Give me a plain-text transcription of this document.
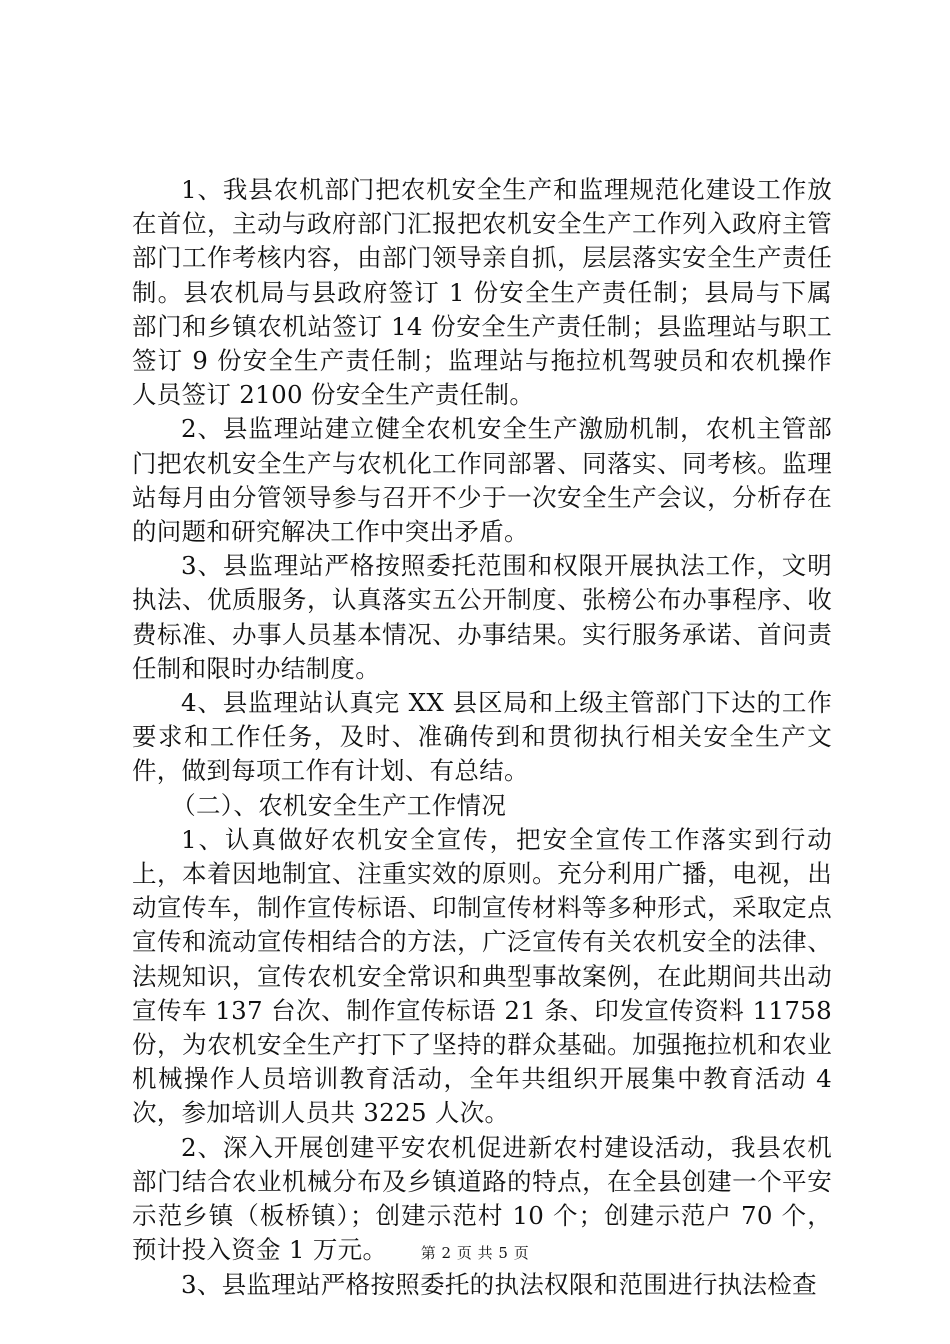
1、我县农机部门把农机安全生产和监理规范化建设工作放在首位，主动与政府部门汇报把农机安全生产工作列入政府主管部门工作考核内容，由部门领导亲自抓，层层落实安全生产责任制。县农机局与县政府签订 1 份安全生产责任制；县局与下属部门和乡镇农机站签订 14 份安全生产责任制；县监理站与职工签订 9 份安全生产责任制；监理站与拖拉机驾驶员和农机操作人员签订 2100 份安全生产责任制。

2、县监理站建立健全农机安全生产激励机制，农机主管部门把农机安全生产与农机化工作同部署、同落实、同考核。监理站每月由分管领导参与召开不少于一次安全生产会议，分析存在的问题和研究解决工作中突出矛盾。

3、县监理站严格按照委托范围和权限开展执法工作，文明执法、优质服务，认真落实五公开制度、张榜公布办事程序、收费标准、办事人员基本情况、办事结果。实行服务承诺、首问责任制和限时办结制度。

4、县监理站认真完 XX 县区局和上级主管部门下达的工作要求和工作任务，及时、准确传到和贯彻执行相关安全生产文件，做到每项工作有计划、有总结。

（二）、农机安全生产工作情况

1、认真做好农机安全宣传，把安全宣传工作落实到行动上，本着因地制宜、注重实效的原则。充分利用广播，电视，出动宣传车，制作宣传标语、印制宣传材料等多种形式，采取定点宣传和流动宣传相结合的方法，广泛宣传有关农机安全的法律、法规知识，宣传农机安全常识和典型事故案例，在此期间共出动宣传车 137 台次、制作宣传标语 21 条、印发宣传资料 11758 份，为农机安全生产打下了坚持的群众基础。加强拖拉机和农业机械操作人员培训教育活动，全年共组织开展集中教育活动 4 次，参加培训人员共 3225 人次。

2、深入开展创建平安农机促进新农村建设活动，我县农机部门结合农业机械分布及乡镇道路的特点，在全县创建一个平安示范乡镇（板桥镇）；创建示范村 10 个；创建示范户 70 个，预计投入资金 1 万元。

3、县监理站严格按照委托的执法权限和范围进行执法检查

第 2 页 共 5 页
